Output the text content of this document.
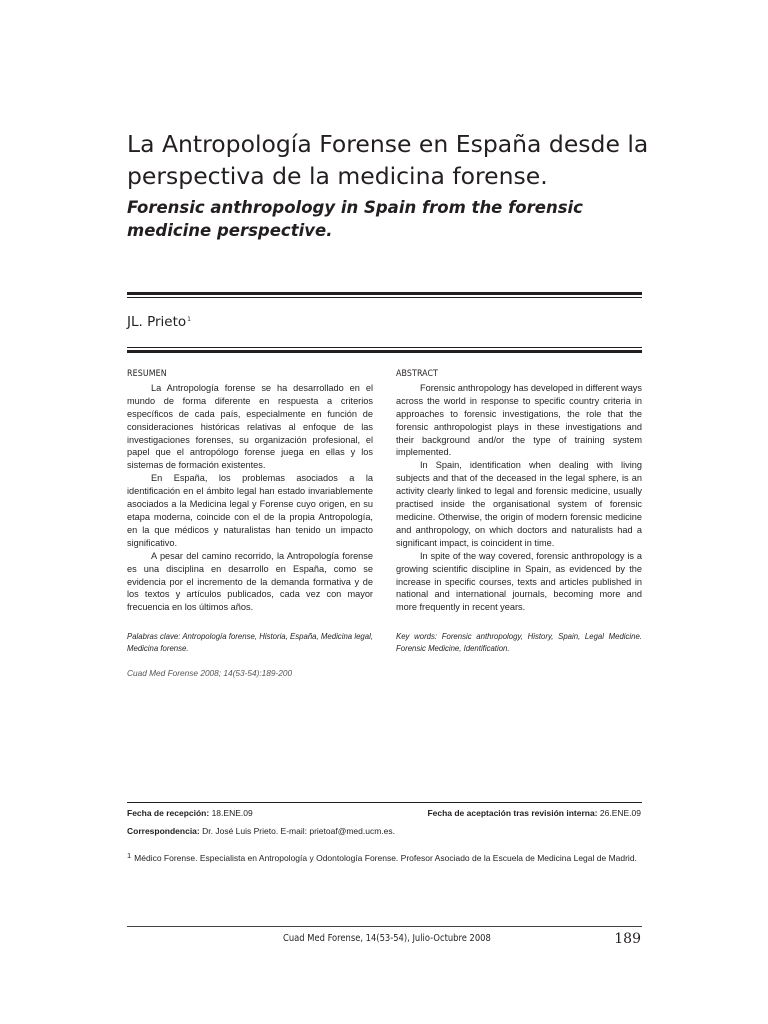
La Antropología Forense en España desde la perspectiva de la medicina forense.
Forensic anthropology in Spain from the forensic medicine perspective.
JL. Prieto$^1$
RESUMEN

La Antropología forense se ha desarrollado en el mundo de forma diferente en respuesta a criterios específicos de cada país, especialmente en función de consideraciones históricas relativas al enfoque de las investigaciones forenses, su organización profesional, el papel que el antropólogo forense juega en ellas y los sistemas de formación existentes.

En España, los problemas asociados a la identificación en el ámbito legal han estado invariablemente asociados a la Medicina legal y Forense cuyo origen, en su etapa moderna, coincide con el de la propia Antropología, en la que médicos y naturalistas han tenido un impacto significativo.

A pesar del camino recorrido, la Antropología forense es una disciplina en desarrollo en España, como se evidencia por el incremento de la demanda formativa y de los textos y artículos publicados, cada vez con mayor frecuencia en los últimos años.

ABSTRACT

Forensic anthropology has developed in different ways across the world in response to specific country criteria in approaches to forensic investigations, the role that the forensic anthropologist plays in these investigations and their background and/or the type of training system implemented.

In Spain, identification when dealing with living subjects and that of the deceased in the legal sphere, is an activity clearly linked to legal and forensic medicine, usually practised inside the organisational system of forensic medicine. Otherwise, the origin of modern forensic medicine and anthropology, on which doctors and naturalists had a significant impact, is coincident in time.

In spite of the way covered, forensic anthropology is a growing scientific discipline in Spain, as evidenced by the increase in specific courses, texts and articles published in national and international journals, becoming more and more frequently in recent years.

Palabras clave: Antropología forense, Historia, España, Medicina legal, Medicina forense.
Key words: Forensic anthropology, History, Spain, Legal Medicine. Forensic Medicine, Identification.
Cuad Med Forense 2008; 14(53-54):189-200
Fecha de recepción: 18.ENE.09	Fecha de aceptación tras revisión interna: 26.ENE.09
Correspondencia: Dr. José Luis Prieto. E-mail: prietoaf@med.ucm.es.
$^1$ Médico Forense. Especialista en Antropología y Odontología Forense. Profesor Asociado de la Escuela de Medicina Legal de Madrid.
Cuad Med Forense, 14(53-54), Julio-Octubre 2008	189
